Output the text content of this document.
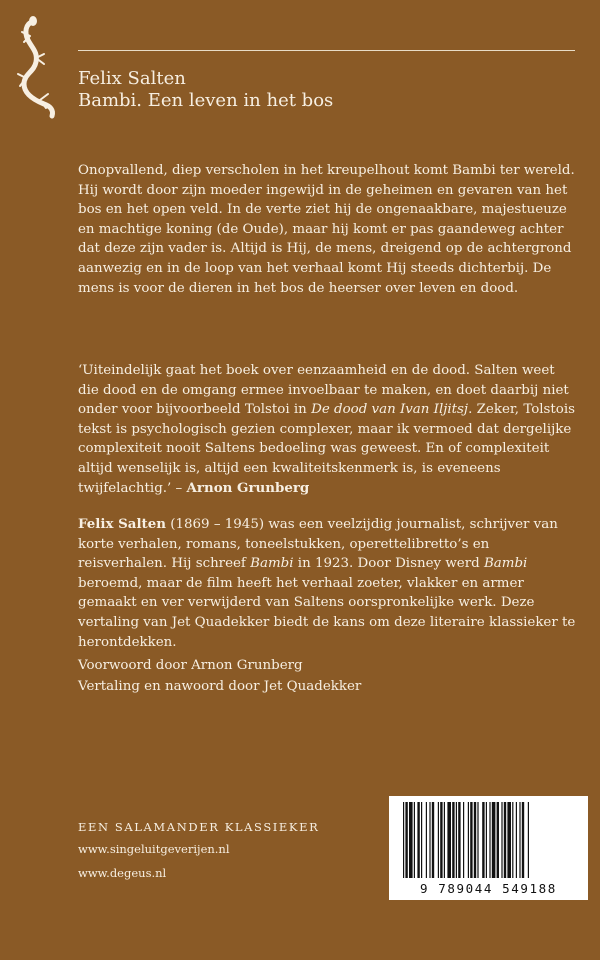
Felix Salten
Bambi. Een leven in het bos

Onopvallend, diep verscholen in het kreupelhout komt Bambi ter wereld. Hij wordt door zijn moeder ingewijd in de geheimen en gevaren van het bos en het open veld. In de verte ziet hij de ongenaakbare, majestueuze en machtige koning (de Oude), maar hij komt er pas gaandeweg achter dat deze zijn vader is. Altijd is Hij, de mens, dreigend op de achtergrond aanwezig en in de loop van het verhaal komt Hij steeds dichterbij. De mens is voor de dieren in het bos de heerser over leven en dood.

‘Uiteindelijk gaat het boek over eenzaamheid en de dood. Salten weet die dood en de omgang ermee invoelbaar te maken, en doet daarbij niet onder voor bijvoorbeeld Tolstoi in De dood van Ivan Iljitsj. Zeker, Tolstois tekst is psychologisch gezien complexer, maar ik vermoed dat dergelijke complexiteit nooit Saltens bedoeling was geweest. En of complexiteit altijd wenselijk is, altijd een kwaliteitskenmerk is, is eveneens twijfelachtig.’ – Arnon Grunberg

Felix Salten (1869 – 1945) was een veelzijdig journalist, schrijver van korte verhalen, romans, toneelstukken, operettelibretto’s en reisverhalen. Hij schreef Bambi in 1923. Door Disney werd Bambi beroemd, maar de film heeft het verhaal zoeter, vlakker en armer gemaakt en ver verwijderd van Saltens oorspronkelijke werk. Deze vertaling van Jet Quadekker biedt de kans om deze literaire klassieker te herontdekken.

Voorwoord door Arnon Grunberg
Vertaling en nawoord door Jet Quadekker
EEN SALAMANDER KLASSIEKER
www.singeluitgeverijen.nl
www.degeus.nl
9 789044 549188
